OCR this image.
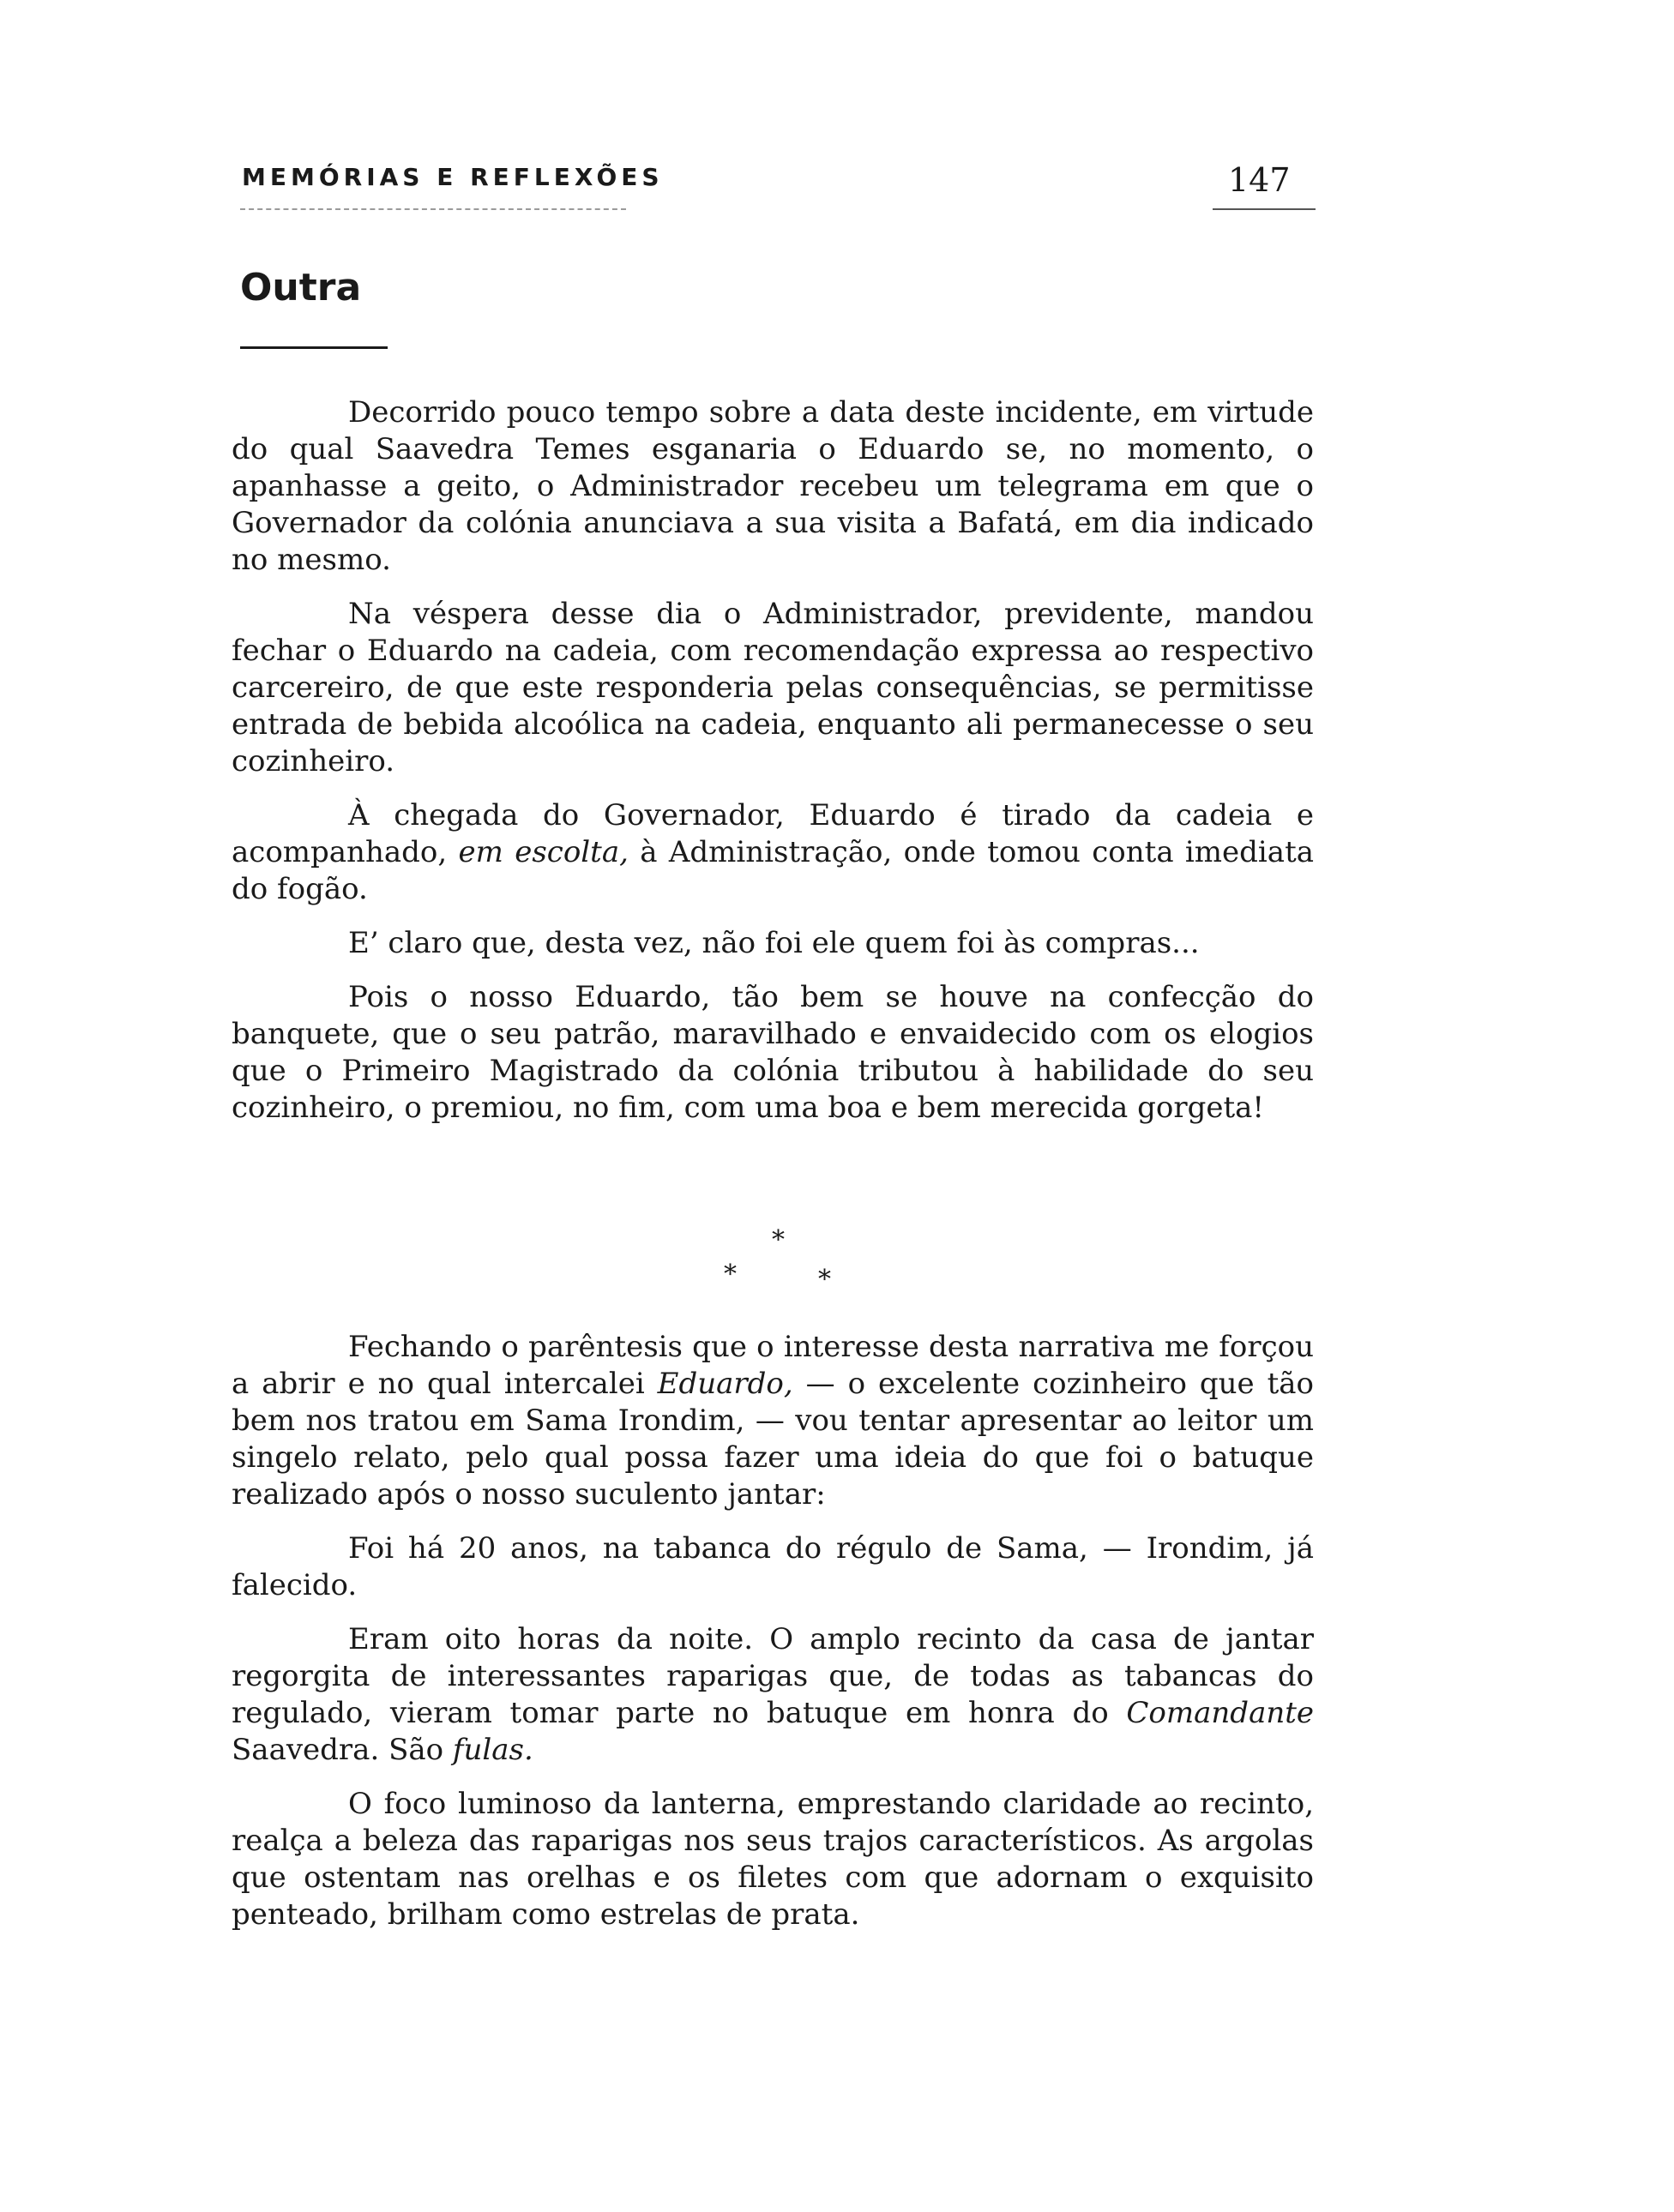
MEMÓRIAS E REFLEXÕES	147
Outra

Decorrido pouco tempo sobre a data deste incidente, em virtude do qual Saavedra Temes esganaria o Eduardo se, no momento, o apanhasse a geito, o Administrador recebeu um telegrama em que o Governador da colónia anunciava a sua visita a Bafatá, em dia indicado no mesmo.

Na véspera desse dia o Administrador, previdente, mandou fechar o Eduardo na cadeia, com recomendação expressa ao respectivo carcereiro, de que este responderia pelas consequências, se permitisse entrada de bebida alcoólica na cadeia, enquanto ali permanecesse o seu cozinheiro.

À chegada do Governador, Eduardo é tirado da cadeia e acompanhado, em escolta, à Administração, onde tomou conta imediata do fogão.

E’ claro que, desta vez, não foi ele quem foi às compras...

Pois o nosso Eduardo, tão bem se houve na confecção do banquete, que o seu patrão, maravilhado e envaidecido com os elogios que o Primeiro Magistrado da colónia tributou à habilidade do seu cozinheiro, o premiou, no fim, com uma boa e bem merecida gorgeta!

*
*	*

Fechando o parêntesis que o interesse desta narrativa me forçou a abrir e no qual intercalei Eduardo, — o excelente cozinheiro que tão bem nos tratou em Sama Irondim, — vou tentar apresentar ao leitor um singelo relato, pelo qual possa fazer uma ideia do que foi o batuque realizado após o nosso suculento jantar:

Foi há 20 anos, na tabanca do régulo de Sama, — Irondim, já falecido.

Eram oito horas da noite. O amplo recinto da casa de jantar regorgita de interessantes raparigas que, de todas as tabancas do regulado, vieram tomar parte no batuque em honra do Comandante Saavedra. São fulas.

O foco luminoso da lanterna, emprestando claridade ao recinto, realça a beleza das raparigas nos seus trajos característicos. As argolas que ostentam nas orelhas e os filetes com que adornam o exquisito penteado, brilham como estrelas de prata.
